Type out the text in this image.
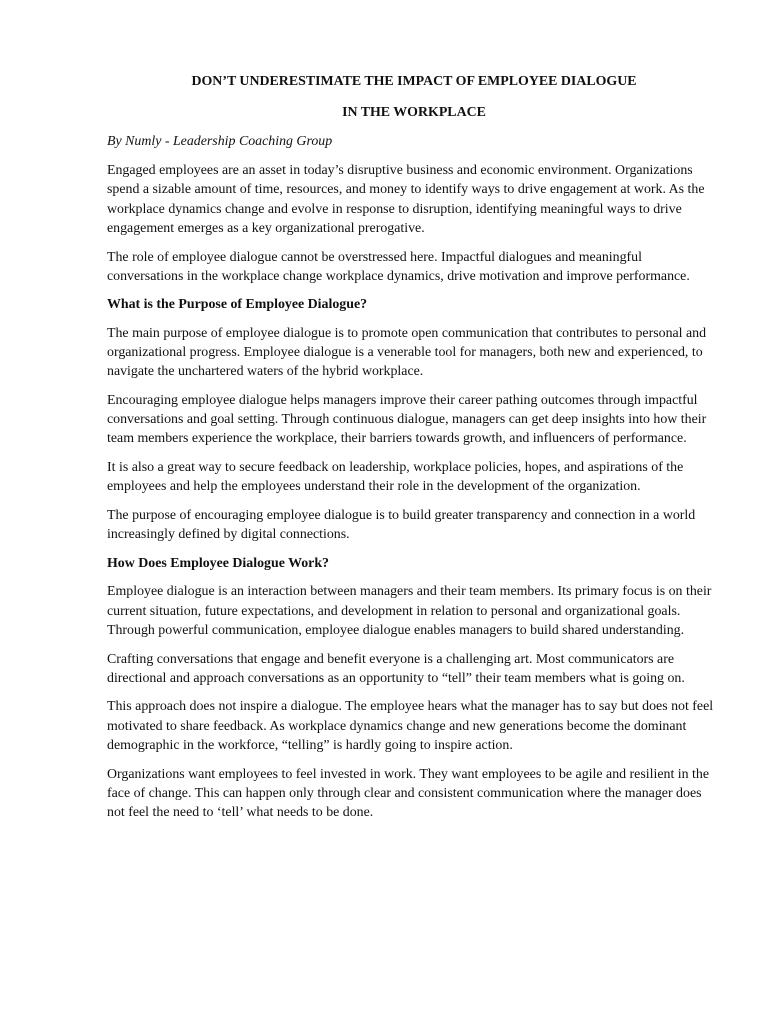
DON’T UNDERESTIMATE THE IMPACT OF EMPLOYEE DIALOGUE
IN THE WORKPLACE

By Numly - Leadership Coaching Group

Engaged employees are an asset in today’s disruptive business and economic environment. Organizations spend a sizable amount of time, resources, and money to identify ways to drive engagement at work. As the workplace dynamics change and evolve in response to disruption, identifying meaningful ways to drive engagement emerges as a key organizational prerogative.

The role of employee dialogue cannot be overstressed here. Impactful dialogues and meaningful conversations in the workplace change workplace dynamics, drive motivation and improve performance.

What is the Purpose of Employee Dialogue?

The main purpose of employee dialogue is to promote open communication that contributes to personal and organizational progress. Employee dialogue is a venerable tool for managers, both new and experienced, to navigate the unchartered waters of the hybrid workplace.

Encouraging employee dialogue helps managers improve their career pathing outcomes through impactful conversations and goal setting. Through continuous dialogue, managers can get deep insights into how their team members experience the workplace, their barriers towards growth, and influencers of performance.

It is also a great way to secure feedback on leadership, workplace policies, hopes, and aspirations of the employees and help the employees understand their role in the development of the organization.

The purpose of encouraging employee dialogue is to build greater transparency and connection in a world increasingly defined by digital connections.

How Does Employee Dialogue Work?

Employee dialogue is an interaction between managers and their team members. Its primary focus is on their current situation, future expectations, and development in relation to personal and organizational goals. Through powerful communication, employee dialogue enables managers to build shared understanding.

Crafting conversations that engage and benefit everyone is a challenging art. Most communicators are directional and approach conversations as an opportunity to “tell” their team members what is going on.

This approach does not inspire a dialogue. The employee hears what the manager has to say but does not feel motivated to share feedback. As workplace dynamics change and new generations become the dominant demographic in the workforce, “telling” is hardly going to inspire action.

Organizations want employees to feel invested in work. They want employees to be agile and resilient in the face of change. This can happen only through clear and consistent communication where the manager does not feel the need to ‘tell’ what needs to be done.
